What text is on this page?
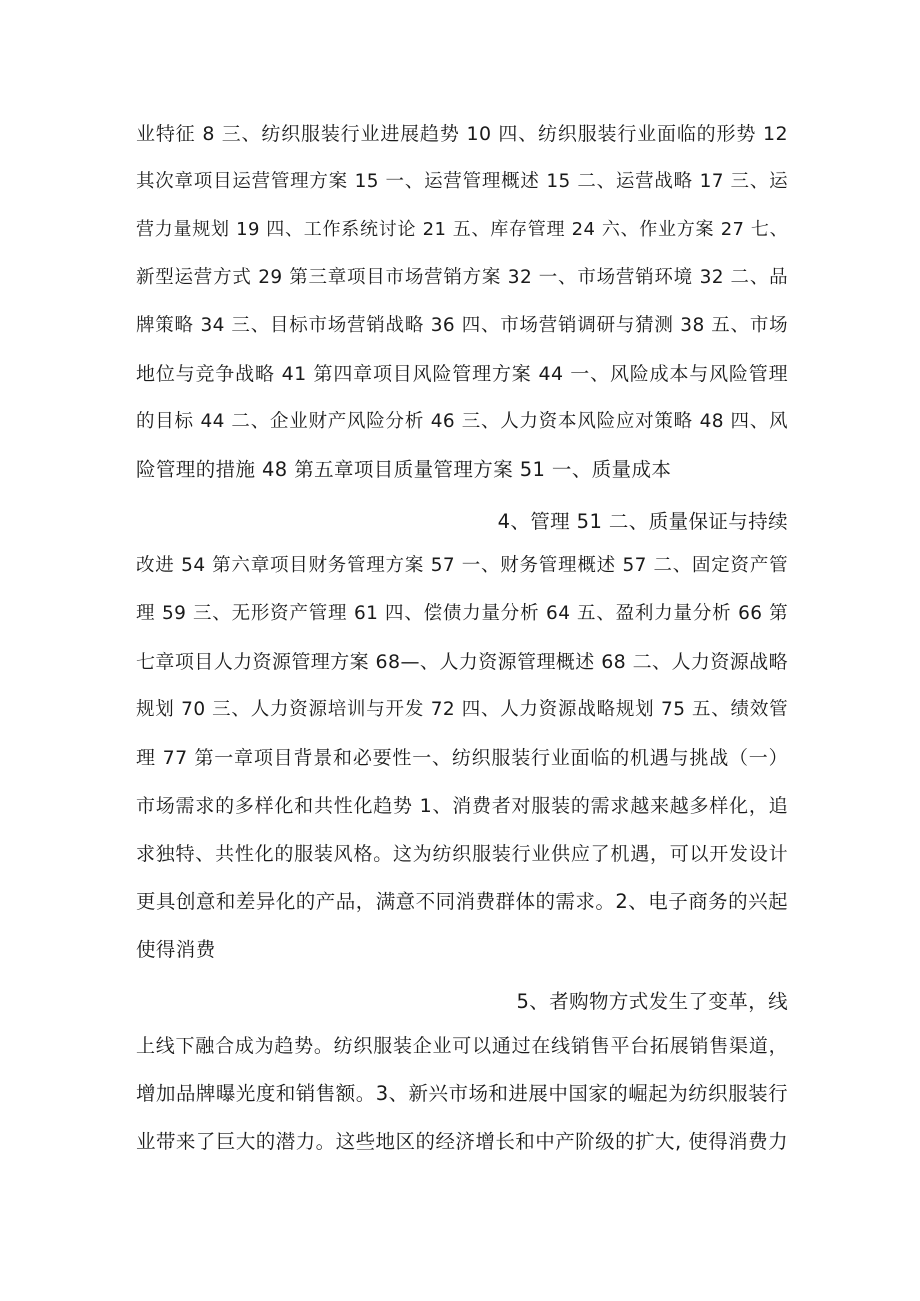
业特征 8 三、纺织服装行业进展趋势 10 四、纺织服装行业面临的形势 12
其次章项目运营管理方案 15 一、运营管理概述 15 二、运营战略 17 三、运
营力量规划 19 四、工作系统讨论 21 五、库存管理 24 六、作业方案 27 七、
新型运营方式 29 第三章项目市场营销方案 32 一、市场营销环境 32 二、品
牌策略 34 三、目标市场营销战略 36 四、市场营销调研与猜测 38 五、市场
地位与竞争战略 41 第四章项目风险管理方案 44 一、风险成本与风险管理
的目标 44 二、企业财产风险分析 46 三、人力资本风险应对策略 48 四、风
险管理的措施 48 第五章项目质量管理方案 51 一、质量成本
4、管理 51 二、质量保证与持续
改进 54 第六章项目财务管理方案 57 一、财务管理概述 57 二、固定资产管
理 59 三、无形资产管理 61 四、偿债力量分析 64 五、盈利力量分析 66 第
七章项目人力资源管理方案 68—、人力资源管理概述 68 二、人力资源战略
规划 70 三、人力资源培训与开发 72 四、人力资源战略规划 75 五、绩效管
理 77 第一章项目背景和必要性一、纺织服装行业面临的机遇与挑战（一）
市场需求的多样化和共性化趋势 1、消费者对服装的需求越来越多样化，追
求独特、共性化的服装风格。这为纺织服装行业供应了机遇，可以开发设计
更具创意和差异化的产品，满意不同消费群体的需求。2、电子商务的兴起
使得消费
5、者购物方式发生了变革，线
上线下融合成为趋势。纺织服装企业可以通过在线销售平台拓展销售渠道，
增加品牌曝光度和销售额。3、新兴市场和进展中国家的崛起为纺织服装行
业带来了巨大的潜力。这些地区的经济增长和中产阶级的扩大, 使得消费力
